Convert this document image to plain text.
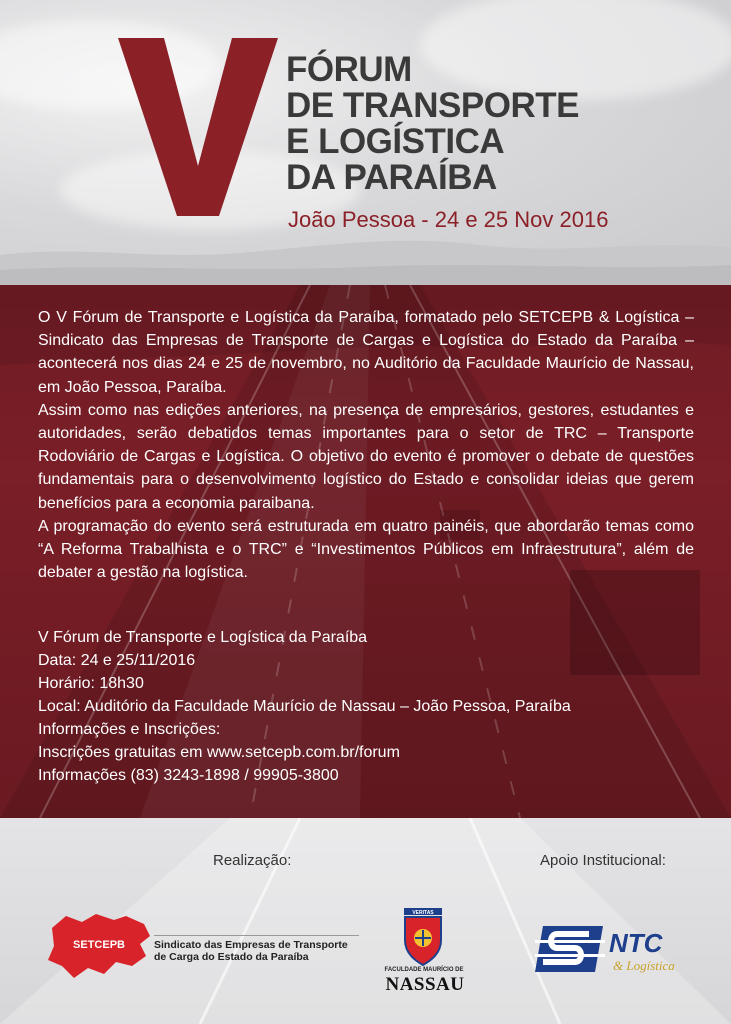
FÓRUM
DE TRANSPORTE
E LOGÍSTICA
DA PARAÍBA
João Pessoa - 24 e 25 Nov 2016

O V Fórum de Transporte e Logística da Paraíba, formatado pelo SETCEPB & Logística – Sindicato das Empresas de Transporte de Cargas e Logística do Estado da Paraíba – acontecerá nos dias 24 e 25 de novembro, no Auditório da Faculdade Maurício de Nassau, em João Pessoa, Paraíba.

Assim como nas edições anteriores, na presença de empresários, gestores, estudantes e autoridades, serão debatidos temas importantes para o setor de TRC – Transporte Rodoviário de Cargas e Logística. O objetivo do evento é promover o debate de questões fundamentais para o desenvolvimento logístico do Estado e consolidar ideias que gerem benefícios para a economia paraibana.

A programação do evento será estruturada em quatro painéis, que abordarão temas como “A Reforma Trabalhista e o TRC” e “Investimentos Públicos em Infraestrutura”, além de debater a gestão na logística.

V Fórum de Transporte e Logística da Paraíba
Data: 24 e 25/11/2016
Horário: 18h30
Local: Auditório da Faculdade Maurício de Nassau – João Pessoa, Paraíba
Informações e Inscrições:
Inscrições gratuitas em www.setcepb.com.br/forum
Informações (83) 3243-1898 / 99905-3800
Realização:	Apoio Institucional:
SETCEPB	Sindicato das Empresas de Transporte
de Carga do Estado da Paraíba
VERITAS
FACULDADE MAURÍCIO DE
NASSAU
NTC
& Logística
